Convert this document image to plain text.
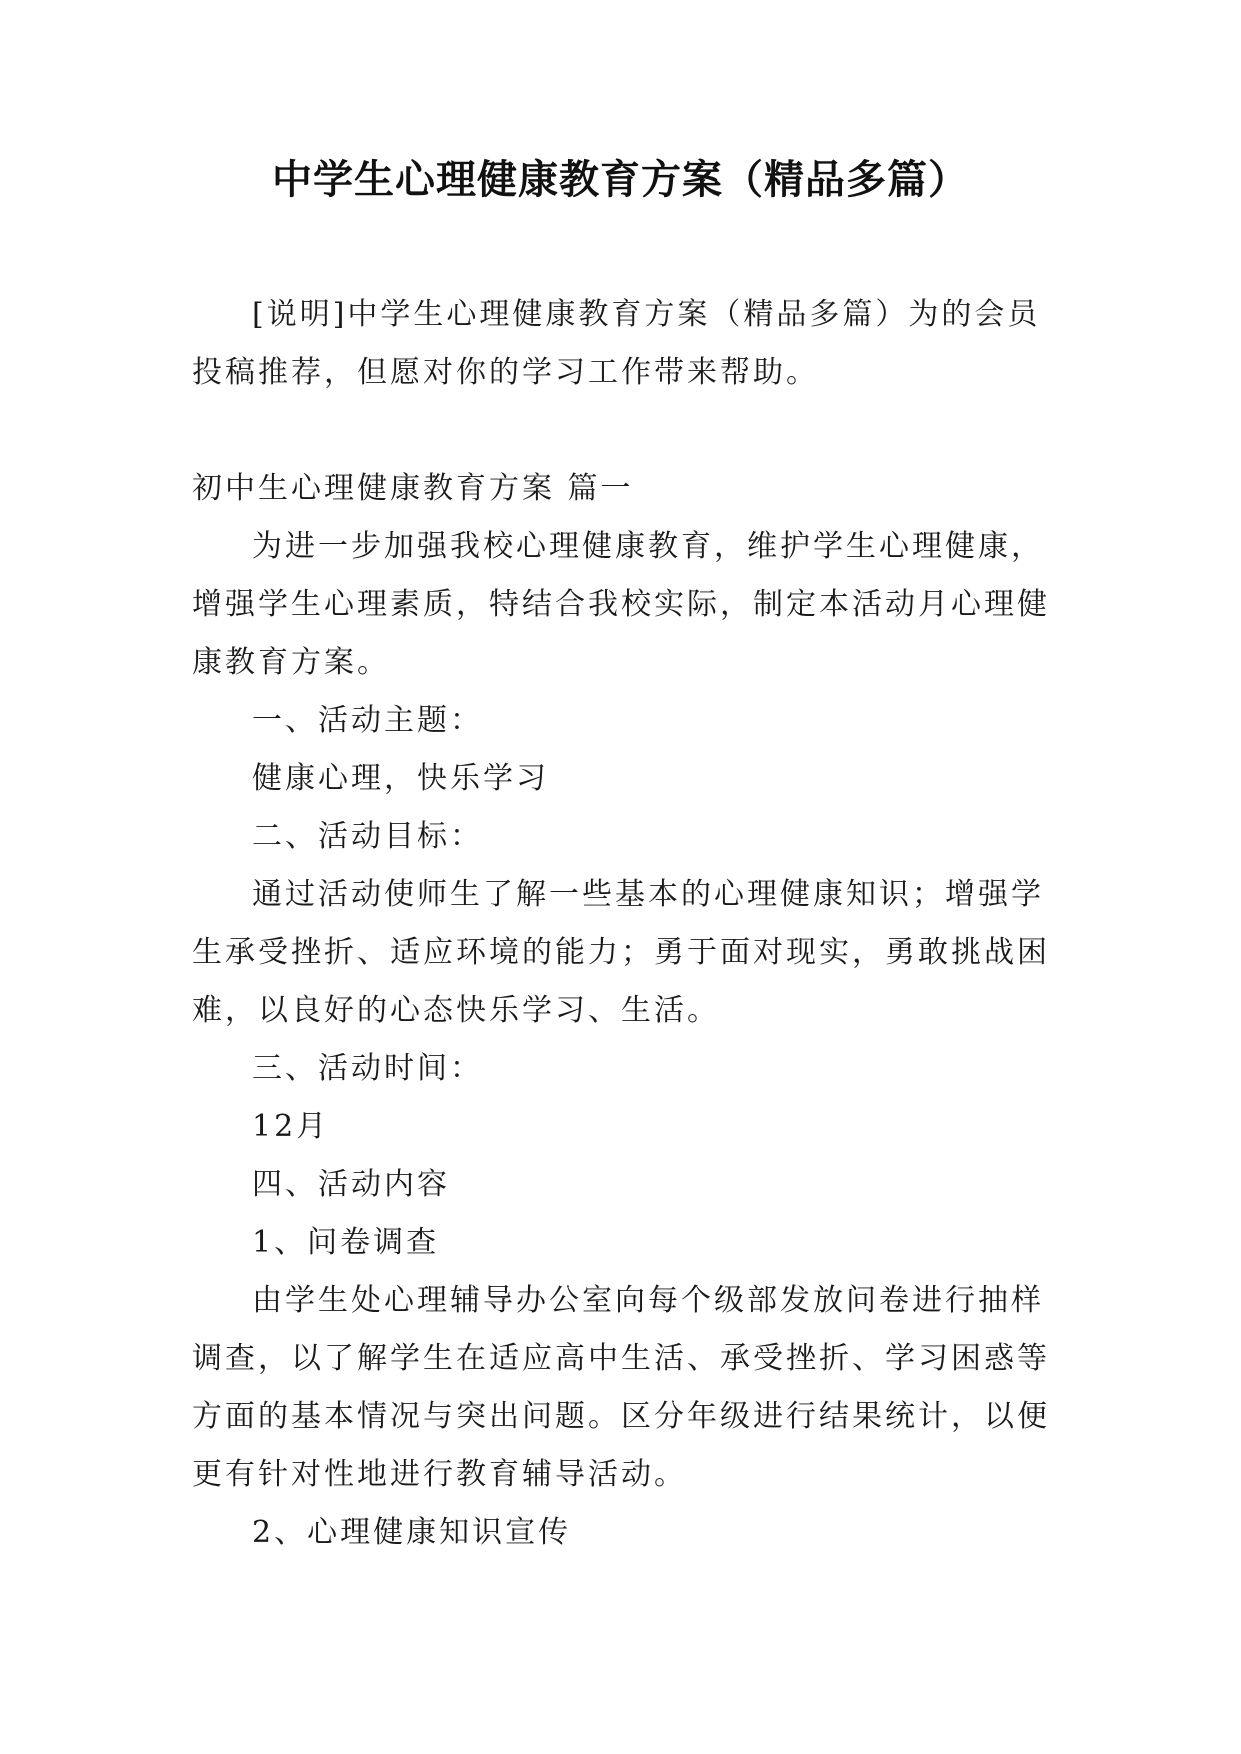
中学生心理健康教育方案（精品多篇）

[说明]中学生心理健康教育方案（精品多篇）为的会员投稿推荐，但愿对你的学习工作带来帮助。

初中生心理健康教育方案 篇一

为进一步加强我校心理健康教育，维护学生心理健康，增强学生心理素质，特结合我校实际，制定本活动月心理健康教育方案。

一、活动主题：

健康心理，快乐学习

二、活动目标：

通过活动使师生了解一些基本的心理健康知识；增强学生承受挫折、适应环境的能力；勇于面对现实，勇敢挑战困难，以良好的心态快乐学习、生活。

三、活动时间：

12月

四、活动内容

1、问卷调查

由学生处心理辅导办公室向每个级部发放问卷进行抽样调查，以了解学生在适应高中生活、承受挫折、学习困惑等方面的基本情况与突出问题。区分年级进行结果统计，以便更有针对性地进行教育辅导活动。

2、心理健康知识宣传
